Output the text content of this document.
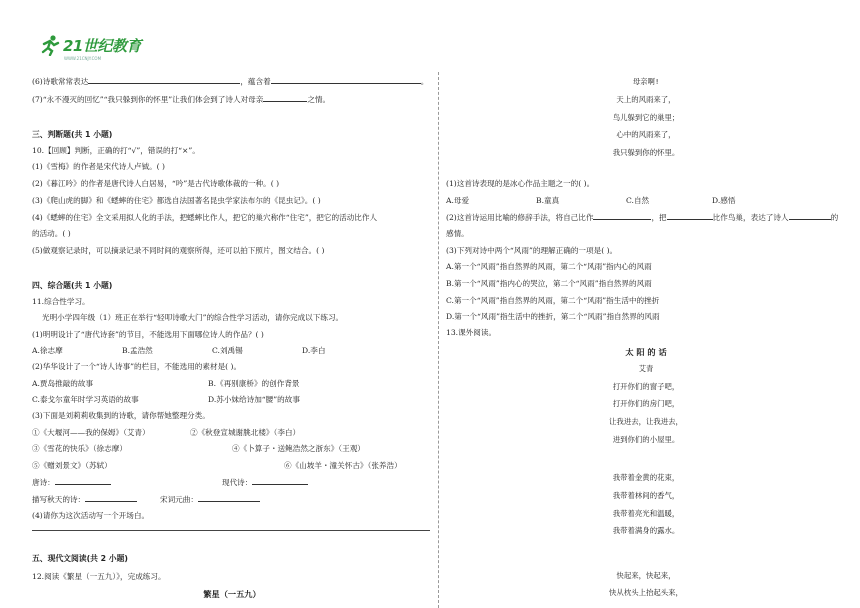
21世纪教育
WWW.21CNJY.COM
(6)诗歌常常表达	，蕴含着	。
(7)“永不漫灭的回忆”“我只躲到你的怀里”让我们体会到了诗人对母亲	之情。
三、判断题(共 1 小题)
10.【回顾】判断，正确的打“√”，错误的打“×”。
(1)《雪梅》的作者是宋代诗人卢钺。( )
(2)《暮江吟》的作者是唐代诗人白居易，“吟”是古代诗歌体裁的一种。( )
(3)《爬山虎的脚》和《蟋蟀的住宅》都选自法国著名昆虫学家法布尔的《昆虫记》。( )
(4)《蟋蟀的住宅》全文采用拟人化的手法，把蟋蟀比作人，把它的巢穴称作“住宅”，把它的活动比作人
的活动。( )
(5)做观察记录时，可以摘录记录不同时间的观察所得，还可以拍下照片，图文结合。( )
四、综合题(共 1 小题)
11.综合性学习。
光明小学四年级（1）班正在举行“轻叩诗歌大门”的综合性学习活动，请你完成以下练习。
(1)明明设计了“唐代诗套”的节目，不能选用下面哪位诗人的作品？( )
A.徐志摩	B.孟浩然	C.刘禹锡	D.李白
(2)华华设计了一个“诗人诗事”的栏目，不能选用的素材是( )。
A.贾岛推敲的故事	B.《再别康桥》的创作背景
C.泰戈尔童年时学习英语的故事	D.苏小妹给诗加“腰”的故事
(3)下面是刘莉莉收集到的诗歌，请你帮她整理分类。
①《大堰河——我的保姆》（艾青）	②《秋登宣城谢朓北楼》（李白）
③《雪花的快乐》（徐志摩）	④《卜算子・送鲍浩然之浙东》（王观）
⑤《赠刘景文》（苏轼）	⑥《山坡羊・潼关怀古》（张养浩）
唐诗：	现代诗：
描写秋天的诗：	宋词元曲：
(4)请你为这次活动写一个开场白。
五、现代文阅读(共 2 小题)
12.阅读《繁星（一五九）》，完成练习。
繁星（一五九）
母亲啊!
天上的风雨来了，
鸟儿躲到它的巢里；
心中的风雨来了，
我只躲到你的怀里。
(1)这首诗表现的是冰心作品主题之一的( )。
A.母爱	B.童真	C.自然	D.感悟
(2)这首诗运用比喻的修辞手法，将自己比作	，把	比作鸟巢，表达了诗人	的
感情。
(3)下列对诗中两个“风雨”的理解正确的一项是( )。
A.第一个“风雨”指自然界的风雨，第二个“风雨”指内心的风雨
B.第一个“风雨”指内心的哭泣，第二个“风雨”指自然界的风雨
C.第一个“风雨”指自然界的风雨，第二个“风雨”指生活中的挫折
D.第一个“风雨”指生活中的挫折，第二个“风雨”指自然界的风雨
13.课外阅读。
太 阳 的 话
艾青
打开你们的窗子吧，
打开你们的房门吧，
让我进去，让我进去，
进到你们的小屋里。
我带着金黄的花束，
我带着林间的香气，
我带着亮光和温暖，
我带着满身的露水。
快起来，快起来，
快从枕头上抬起头来，
